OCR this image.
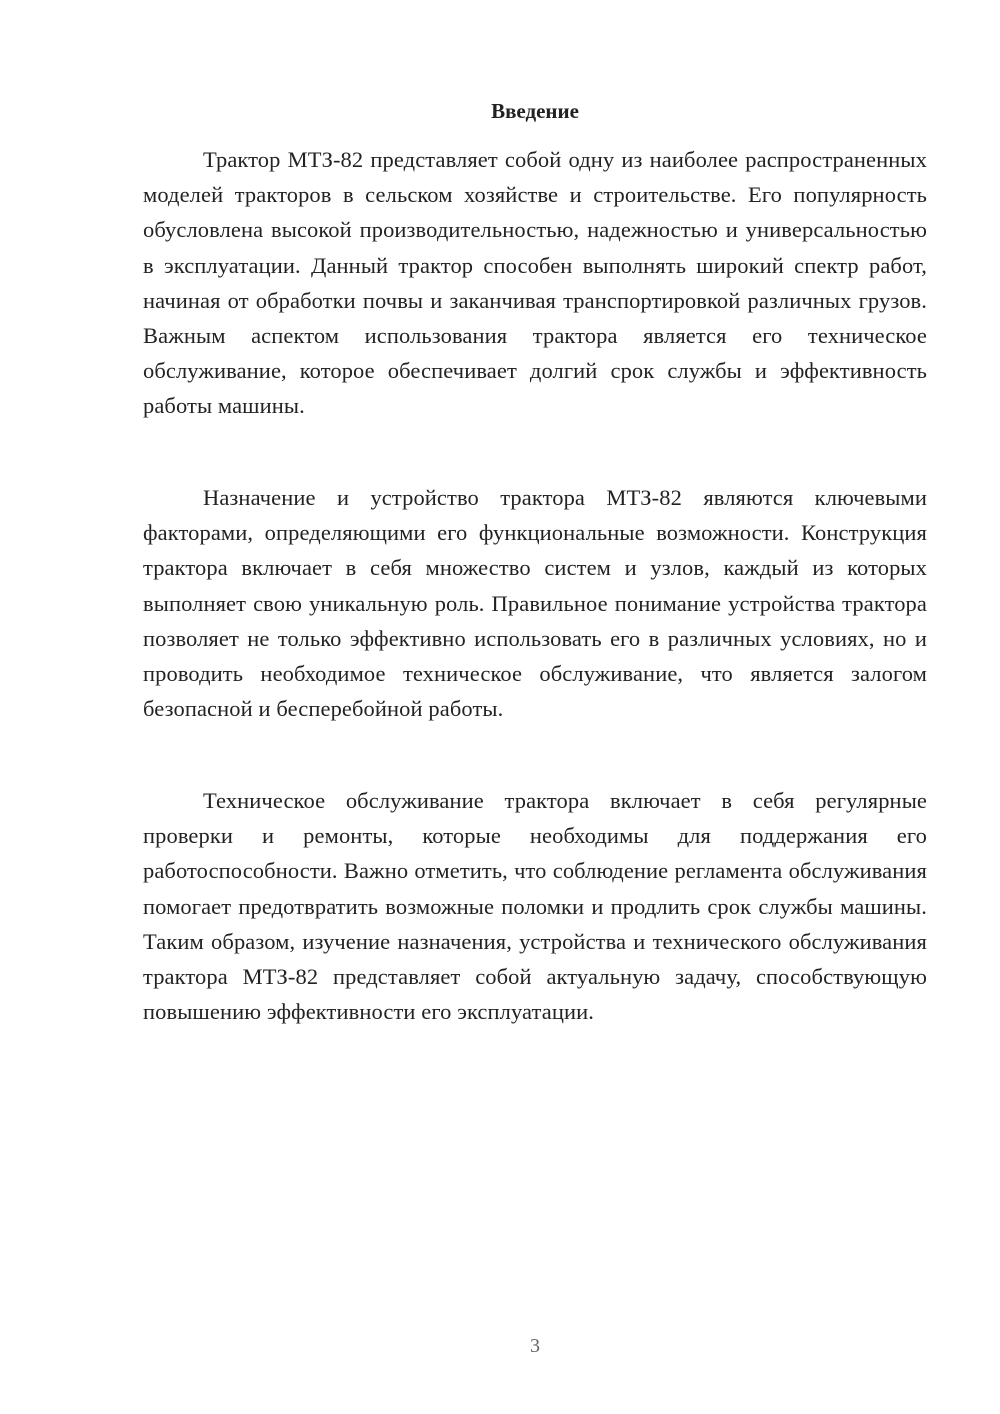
Введение

Трактор МТЗ-82 представляет собой одну из наиболее распространенных моделей тракторов в сельском хозяйстве и строительстве. Его популярность обусловлена высокой производительностью, надежностью и универсальностью в эксплуатации. Данный трактор способен выполнять широкий спектр работ, начиная от обработки почвы и заканчивая транспортировкой различных грузов. Важным аспектом использования трактора является его техническое обслуживание, которое обеспечивает долгий срок службы и эффективность работы машины.

Назначение и устройство трактора МТЗ-82 являются ключевыми факторами, определяющими его функциональные возможности. Конструкция трактора включает в себя множество систем и узлов, каждый из которых выполняет свою уникальную роль. Правильное понимание устройства трактора позволяет не только эффективно использовать его в различных условиях, но и проводить необходимое техническое обслуживание, что является залогом безопасной и бесперебойной работы.

Техническое обслуживание трактора включает в себя регулярные проверки и ремонты, которые необходимы для поддержания его работоспособности. Важно отметить, что соблюдение регламента обслуживания помогает предотвратить возможные поломки и продлить срок службы машины. Таким образом, изучение назначения, устройства и технического обслуживания трактора МТЗ-82 представляет собой актуальную задачу, способствующую повышению эффективности его эксплуатации.

3
